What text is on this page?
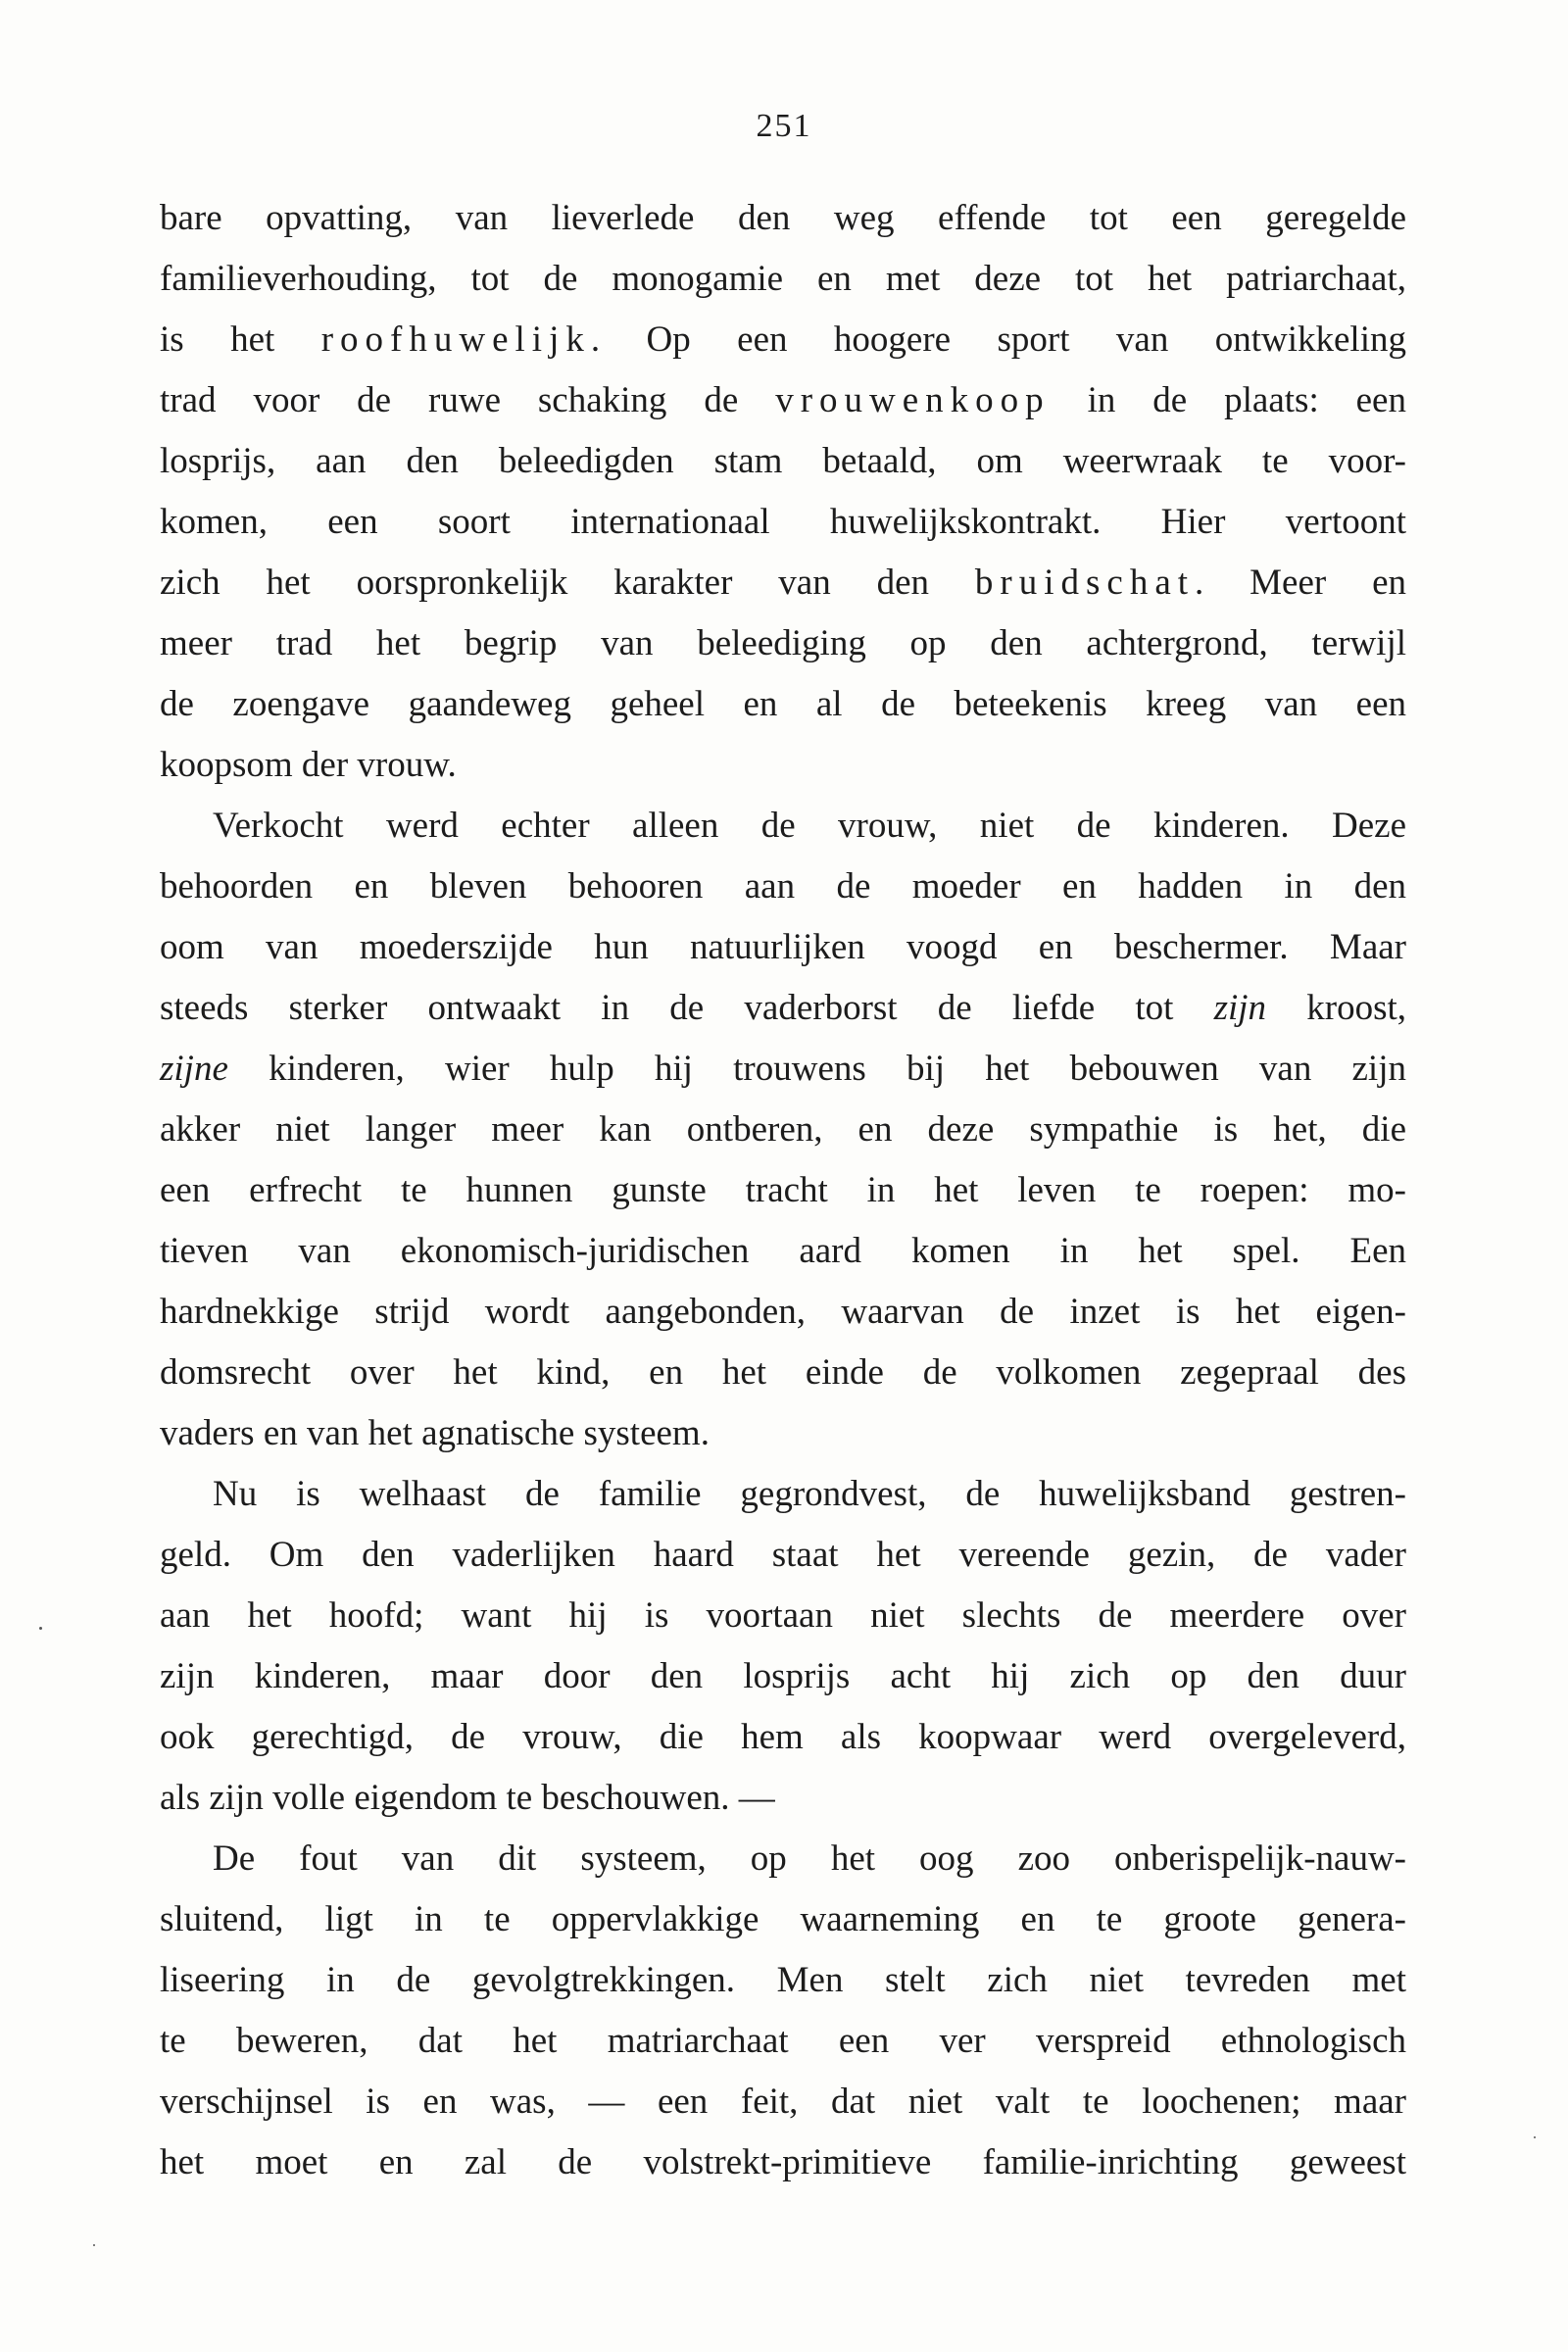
251
bare opvatting, van lieverlede den weg effende tot een geregelde
familieverhouding, tot de monogamie en met deze tot het patriarchaat,
is het roofhuwelijk. Op een hoogere sport van ontwikkeling
trad voor de ruwe schaking de vrouwenkoop in de plaats: een
losprijs, aan den beleedigden stam betaald, om weerwraak te voor-
komen, een soort internationaal huwelijkskontrakt. Hier vertoont
zich het oorspronkelijk karakter van den bruidschat. Meer en
meer trad het begrip van beleediging op den achtergrond, terwijl
de zoengave gaandeweg geheel en al de beteekenis kreeg van een
koopsom der vrouw.
Verkocht werd echter alleen de vrouw, niet de kinderen. Deze
behoorden en bleven behooren aan de moeder en hadden in den
oom van moederszijde hun natuurlijken voogd en beschermer. Maar
steeds sterker ontwaakt in de vaderborst de liefde tot zijn kroost,
zijne kinderen, wier hulp hij trouwens bij het bebouwen van zijn
akker niet langer meer kan ontberen, en deze sympathie is het, die
een erfrecht te hunnen gunste tracht in het leven te roepen: mo-
tieven van ekonomisch-juridischen aard komen in het spel. Een
hardnekkige strijd wordt aangebonden, waarvan de inzet is het eigen-
domsrecht over het kind, en het einde de volkomen zegepraal des
vaders en van het agnatische systeem.
Nu is welhaast de familie gegrondvest, de huwelijksband gestren-
geld. Om den vaderlijken haard staat het vereende gezin, de vader
aan het hoofd; want hij is voortaan niet slechts de meerdere over
zijn kinderen, maar door den losprijs acht hij zich op den duur
ook gerechtigd, de vrouw, die hem als koopwaar werd overgeleverd,
als zijn volle eigendom te beschouwen. —
De fout van dit systeem, op het oog zoo onberispelijk-nauw-
sluitend, ligt in te oppervlakkige waarneming en te groote genera-
liseering in de gevolgtrekkingen. Men stelt zich niet tevreden met
te beweren, dat het matriarchaat een ver verspreid ethnologisch
verschijnsel is en was, — een feit, dat niet valt te loochenen; maar
het moet en zal de volstrekt-primitieve familie-inrichting geweest
